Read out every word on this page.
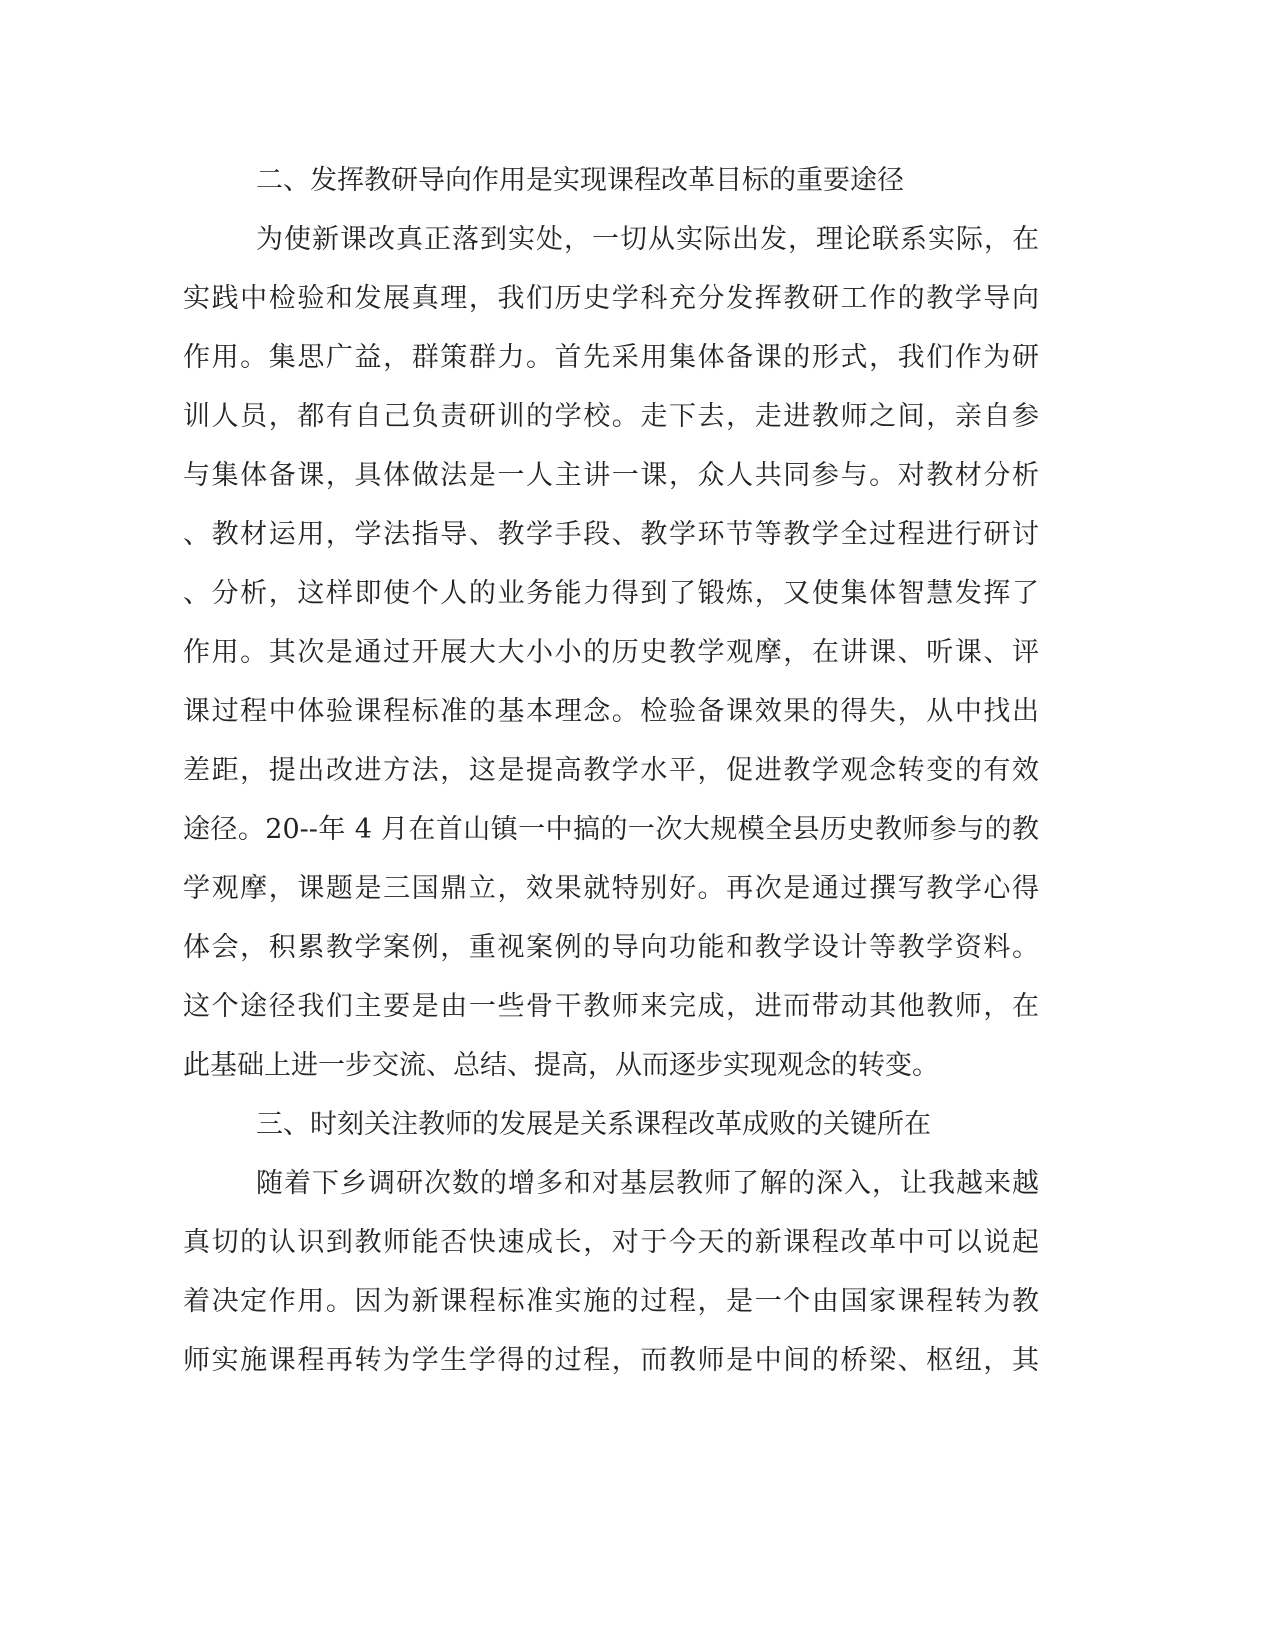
二、发挥教研导向作用是实现课程改革目标的重要途径
为使新课改真正落到实处，一切从实际出发，理论联系实际，在
实践中检验和发展真理，我们历史学科充分发挥教研工作的教学导向
作用。集思广益，群策群力。首先采用集体备课的形式，我们作为研
训人员，都有自己负责研训的学校。走下去，走进教师之间，亲自参
与集体备课，具体做法是一人主讲一课，众人共同参与。对教材分析
、教材运用，学法指导、教学手段、教学环节等教学全过程进行研讨
、分析，这样即使个人的业务能力得到了锻炼，又使集体智慧发挥了
作用。其次是通过开展大大小小的历史教学观摩，在讲课、听课、评
课过程中体验课程标准的基本理念。检验备课效果的得失，从中找出
差距，提出改进方法，这是提高教学水平，促进教学观念转变的有效
途径。20--年 4 月在首山镇一中搞的一次大规模全县历史教师参与的教
学观摩，课题是三国鼎立，效果就特别好。再次是通过撰写教学心得
体会，积累教学案例，重视案例的导向功能和教学设计等教学资料。
这个途径我们主要是由一些骨干教师来完成，进而带动其他教师，在
此基础上进一步交流、总结、提高，从而逐步实现观念的转变。
三、时刻关注教师的发展是关系课程改革成败的关键所在
随着下乡调研次数的增多和对基层教师了解的深入，让我越来越
真切的认识到教师能否快速成长，对于今天的新课程改革中可以说起
着决定作用。因为新课程标准实施的过程，是一个由国家课程转为教
师实施课程再转为学生学得的过程，而教师是中间的桥梁、枢纽，其
